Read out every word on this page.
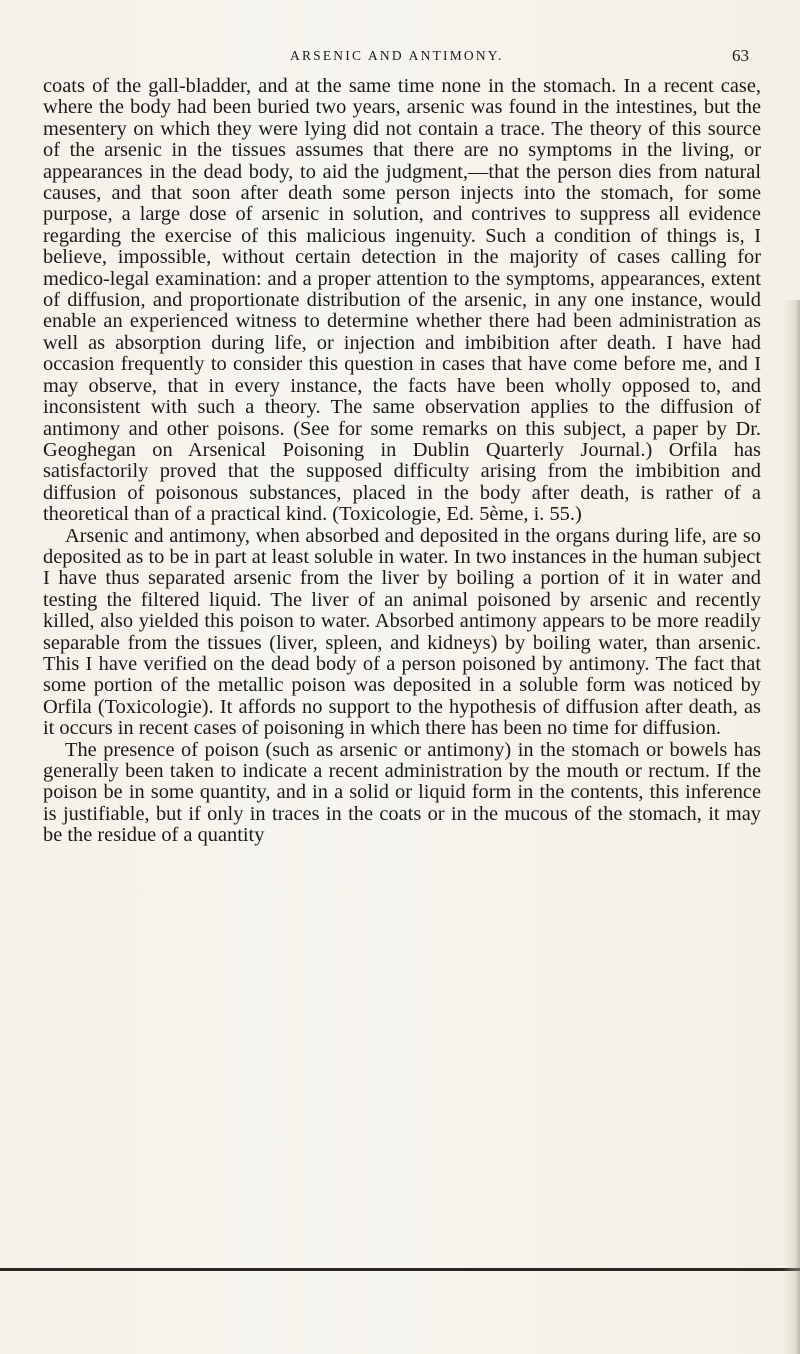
ARSENIC AND ANTIMONY.	63

coats of the gall-bladder, and at the same time none in the stomach. In a recent case, where the body had been buried two years, arsenic was found in the intestines, but the mesentery on which they were lying did not contain a trace. The theory of this source of the arsenic in the tissues assumes that there are no symptoms in the living, or appearances in the dead body, to aid the judgment,—that the person dies from natural causes, and that soon after death some person injects into the stomach, for some purpose, a large dose of arsenic in solution, and contrives to suppress all evidence regarding the exercise of this malicious ingenuity. Such a condition of things is, I believe, impossible, without certain detection in the majority of cases calling for medico-legal examination: and a proper attention to the symptoms, appearances, extent of diffusion, and proportionate distribution of the arsenic, in any one instance, would enable an experienced witness to determine whether there had been administration as well as absorption during life, or injection and imbibition after death. I have had occasion frequently to consider this question in cases that have come before me, and I may observe, that in every instance, the facts have been wholly opposed to, and inconsistent with such a theory. The same observation applies to the diffusion of antimony and other poisons. (See for some remarks on this subject, a paper by Dr. Geoghegan on Arsenical Poisoning in Dublin Quarterly Journal.) Orfila has satisfactorily proved that the supposed difficulty arising from the imbibition and diffusion of poisonous substances, placed in the body after death, is rather of a theoretical than of a practical kind. (Toxicologie, Ed. 5ème, i. 55.)

Arsenic and antimony, when absorbed and deposited in the organs during life, are so deposited as to be in part at least soluble in water. In two instances in the human subject I have thus separated arsenic from the liver by boiling a portion of it in water and testing the filtered liquid. The liver of an animal poisoned by arsenic and recently killed, also yielded this poison to water. Absorbed antimony appears to be more readily separable from the tissues (liver, spleen, and kidneys) by boiling water, than arsenic. This I have verified on the dead body of a person poisoned by antimony. The fact that some portion of the metallic poison was deposited in a soluble form was noticed by Orfila (Toxicologie). It affords no support to the hypothesis of diffusion after death, as it occurs in recent cases of poisoning in which there has been no time for diffusion.

The presence of poison (such as arsenic or antimony) in the stomach or bowels has generally been taken to indicate a recent administration by the mouth or rectum. If the poison be in some quantity, and in a solid or liquid form in the contents, this inference is justifiable, but if only in traces in the coats or in the mucous of the stomach, it may be the residue of a quantity
